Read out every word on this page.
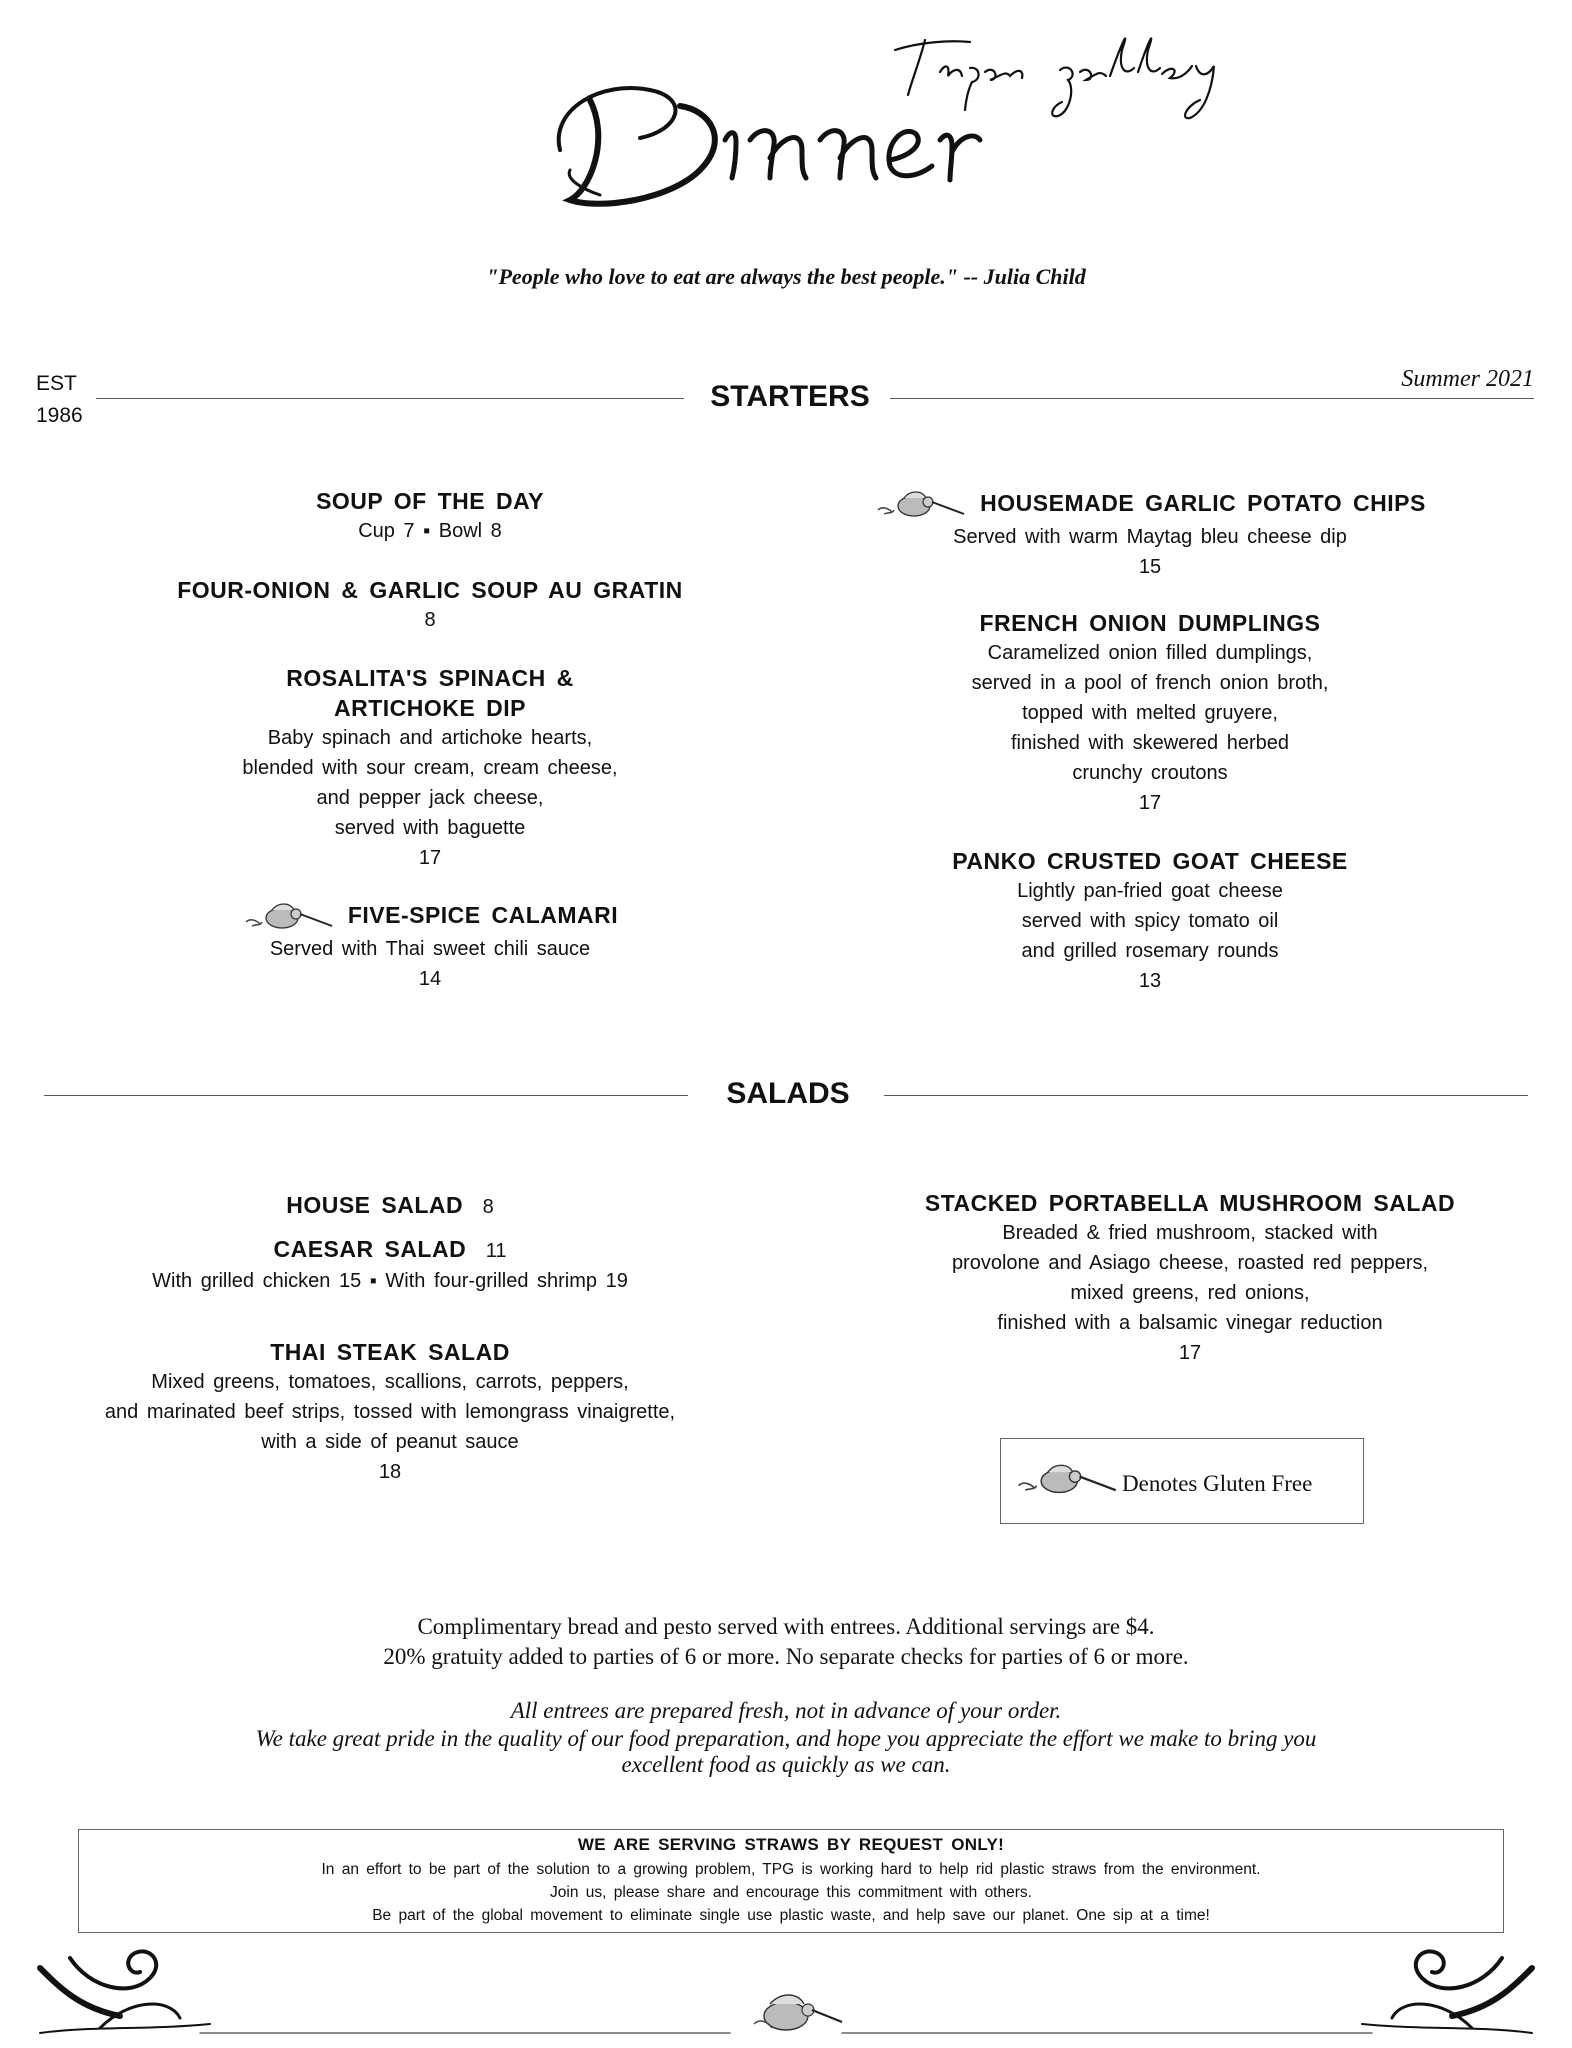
"People who love to eat are always the best people." -- Julia Child
EST
1986
Summer 2021
STARTERS
SOUP OF THE DAY
Cup 7 ▪ Bowl 8
FOUR-ONION & GARLIC SOUP AU GRATIN
8
ROSALITA'S SPINACH &
ARTICHOKE DIP
Baby spinach and artichoke hearts,
blended with sour cream, cream cheese,
and pepper jack cheese,
served with baguette
17
FIVE-SPICE CALAMARI
Served with Thai sweet chili sauce
14
HOUSEMADE GARLIC POTATO CHIPS
Served with warm Maytag bleu cheese dip
15
FRENCH ONION DUMPLINGS
Caramelized onion filled dumplings,
served in a pool of french onion broth,
topped with melted gruyere,
finished with skewered herbed
crunchy croutons
17
PANKO CRUSTED GOAT CHEESE
Lightly pan-fried goat cheese
served with spicy tomato oil
and grilled rosemary rounds
13
SALADS
HOUSE SALAD 8
CAESAR SALAD 11
With grilled chicken 15 ▪ With four-grilled shrimp 19
THAI STEAK SALAD
Mixed greens, tomatoes, scallions, carrots, peppers,
and marinated beef strips, tossed with lemongrass vinaigrette,
with a side of peanut sauce
18
STACKED PORTABELLA MUSHROOM SALAD
Breaded & fried mushroom, stacked with
provolone and Asiago cheese, roasted red peppers,
mixed greens, red onions,
finished with a balsamic vinegar reduction
17
Denotes Gluten Free
Complimentary bread and pesto served with entrees. Additional servings are $4.
20% gratuity added to parties of 6 or more. No separate checks for parties of 6 or more.
All entrees are prepared fresh, not in advance of your order.
We take great pride in the quality of our food preparation, and hope you appreciate the effort we make to bring you
excellent food as quickly as we can.
WE ARE SERVING STRAWS BY REQUEST ONLY!
In an effort to be part of the solution to a growing problem, TPG is working hard to help rid plastic straws from the environment.
Join us, please share and encourage this commitment with others.
Be part of the global movement to eliminate single use plastic waste, and help save our planet. One sip at a time!
